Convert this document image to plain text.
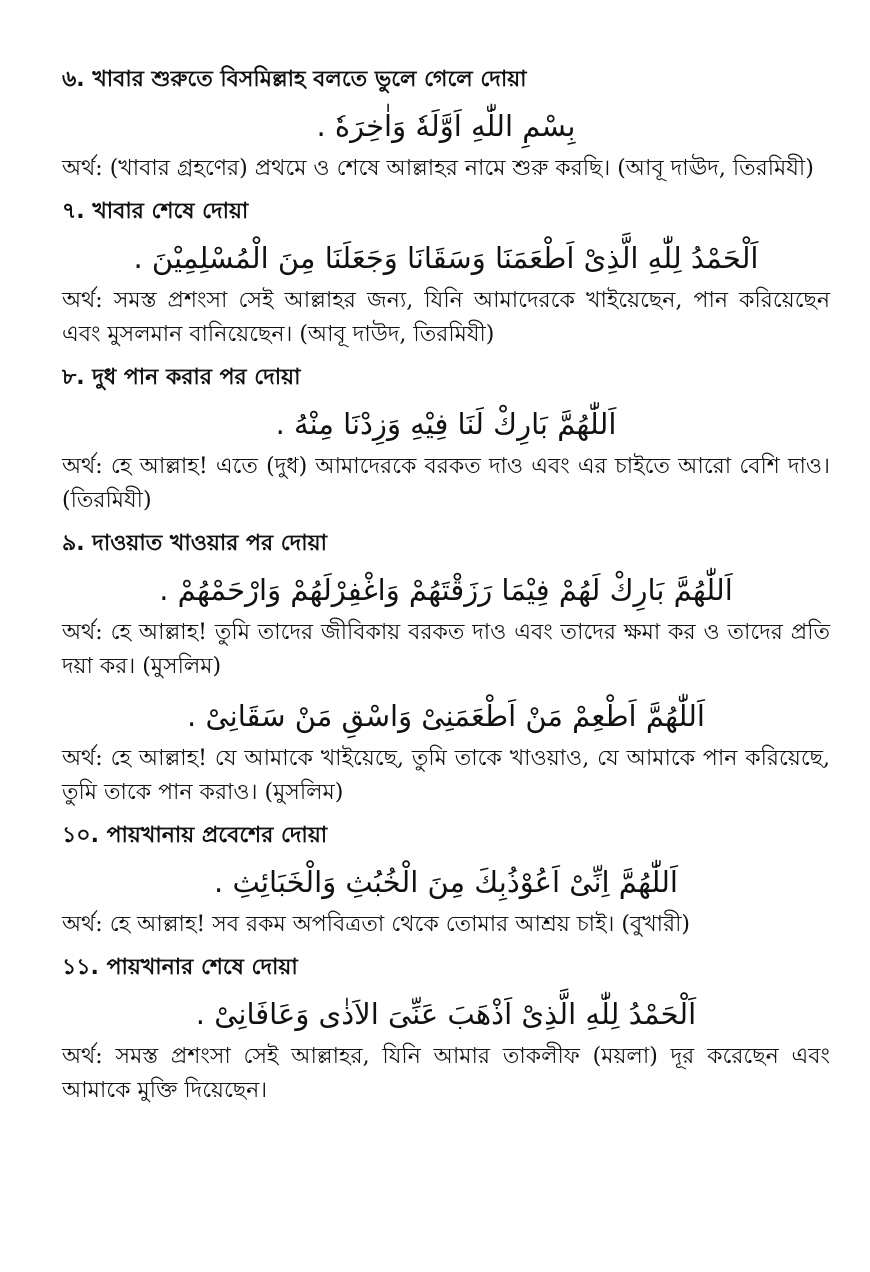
৬. খাবার শুরুতে বিসমিল্লাহ বলতে ভুলে গেলে দোয়া

بِسْمِ اللّٰهِ اَوَّلَهٗ وَاٰخِرَهٗ .

অর্থ: (খাবার গ্রহণের) প্রথমে ও শেষে আল্লাহর নামে শুরু করছি। (আবূ দাঊদ, তিরমিযী)

৭. খাবার শেষে দোয়া

اَلْحَمْدُ لِلّٰهِ الَّذِىْ اَطْعَمَنَا وَسَقَانَا وَجَعَلَنَا مِنَ الْمُسْلِمِيْنَ .

অর্থ: সমস্ত প্রশংসা সেই আল্লাহর জন্য, যিনি আমাদেরকে খাইয়েছেন, পান করিয়েছেন এবং মুসলমান বানিয়েছেন। (আবূ দাউদ, তিরমিযী)

৮. দুধ পান করার পর দোয়া

اَللّٰهُمَّ بَارِكْ لَنَا فِيْهِ وَزِدْنَا مِنْهُ .

অর্থ: হে আল্লাহ! এতে (দুধ) আমাদেরকে বরকত দাও এবং এর চাইতে আরো বেশি দাও। (তিরমিযী)

৯. দাওয়াত খাওয়ার পর দোয়া

اَللّٰهُمَّ بَارِكْ لَهُمْ فِيْمَا رَزَقْتَهُمْ وَاغْفِرْلَهُمْ وَارْحَمْهُمْ .

অর্থ: হে আল্লাহ! তুমি তাদের জীবিকায় বরকত দাও এবং তাদের ক্ষমা কর ও তাদের প্রতি দয়া কর। (মুসলিম)

اَللّٰهُمَّ اَطْعِمْ مَنْ اَطْعَمَنِىْ وَاسْقِ مَنْ سَقَانِىْ .

অর্থ: হে আল্লাহ! যে আমাকে খাইয়েছে, তুমি তাকে খাওয়াও, যে আমাকে পান করিয়েছে, তুমি তাকে পান করাও। (মুসলিম)

১০. পায়খানায় প্রবেশের দোয়া

اَللّٰهُمَّ اِنِّىْ اَعُوْذُبِكَ مِنَ الْخُبُثِ وَالْخَبَائِثِ .

অর্থ: হে আল্লাহ! সব রকম অপবিত্রতা থেকে তোমার আশ্রয় চাই। (বুখারী)

১১. পায়খানার শেষে দোয়া

اَلْحَمْدُ لِلّٰهِ الَّذِىْ اَذْهَبَ عَنِّىَ الاَذٰى وَعَافَانِىْ .

অর্থ: সমস্ত প্রশংসা সেই আল্লাহর, যিনি আমার তাকলীফ (ময়লা) দূর করেছেন এবং আমাকে মুক্তি দিয়েছেন।
